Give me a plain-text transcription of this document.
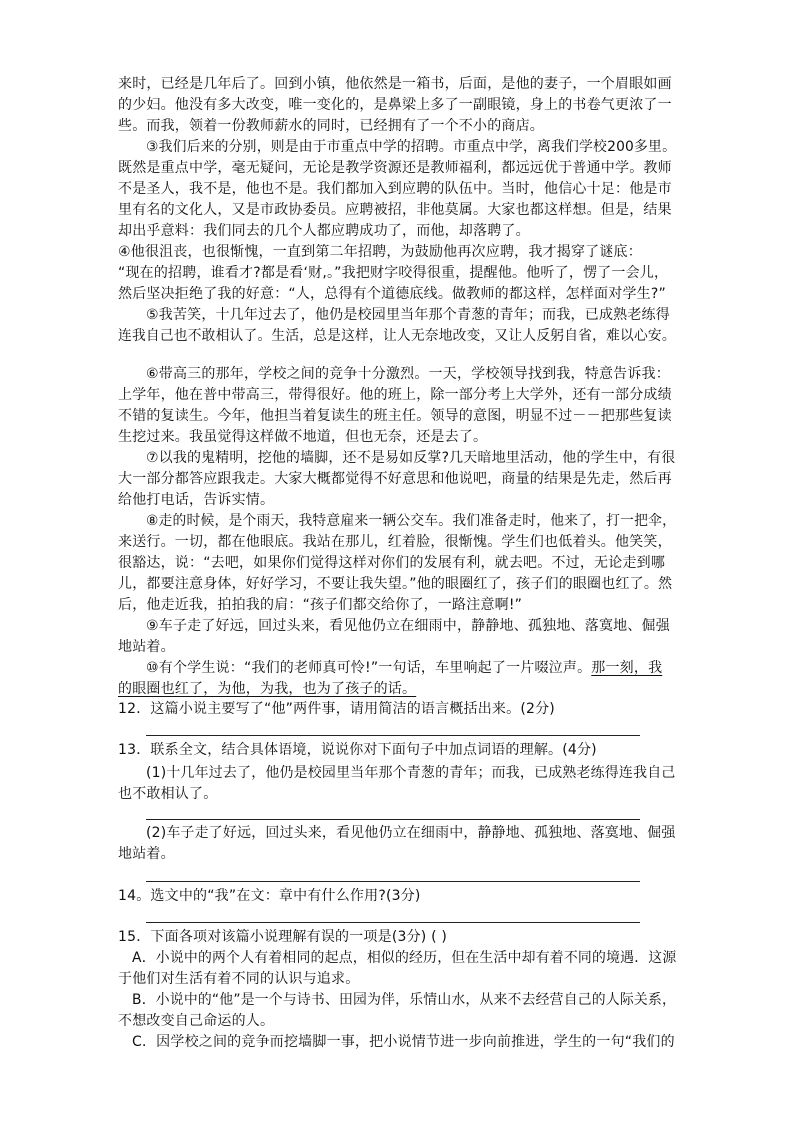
来时，已经是几年后了。回到小镇，他依然是一箱书，后面，是他的妻子，一个眉眼如画
的少妇。他没有多大改变，唯一变化的，是鼻梁上多了一副眼镜，身上的书卷气更浓了一
些。而我，领着一份教师薪水的同时，已经拥有了一个不小的商店。
③我们后来的分别，则是由于市重点中学的招聘。市重点中学，离我们学校200多里。
既然是重点中学，毫无疑问，无论是教学资源还是教师福利，都远远优于普通中学。教师
不是圣人，我不是，他也不是。我们都加入到应聘的队伍中。当时，他信心十足：他是市
里有名的文化人，又是市政协委员。应聘被招，非他莫属。大家也都这样想。但是，结果
却出乎意料：我们同去的几个人都应聘成功了，而他，却落聘了。
④他很沮丧，也很惭愧，一直到第二年招聘，为鼓励他再次应聘，我才揭穿了谜底：
“现在的招聘，谁看才?都是看‘财,。”我把财字咬得很重，提醒他。他听了，愣了一会儿，
然后坚决拒绝了我的好意：“人，总得有个道德底线。做教师的都这样，怎样面对学生?”
⑤我苦笑，十几年过去了，他仍是校园里当年那个青葱的青年；而我，已成熟老练得
连我自己也不敢相认了。生活，总是这样，让人无奈地改变，又让人反躬自省，难以心安。
⑥带高三的那年，学校之间的竞争十分激烈。一天，学校领导找到我，特意告诉我：
上学年，他在普中带高三，带得很好。他的班上，除一部分考上大学外，还有一部分成绩
不错的复读生。今年，他担当着复读生的班主任。领导的意图，明显不过－－把那些复读
生挖过来。我虽觉得这样做不地道，但也无奈，还是去了。
⑦以我的鬼精明，挖他的墙脚，还不是易如反掌?几天暗地里活动，他的学生中，有很
大一部分都答应跟我走。大家大概都觉得不好意思和他说吧，商量的结果是先走，然后再
给他打电话，告诉实情。
⑧走的时候，是个雨天，我特意雇来一辆公交车。我们准备走时，他来了，打一把伞，
来送行。一切，都在他眼底。我站在那儿，红着脸，很惭愧。学生们也低着头。他笑笑，
很豁达，说：“去吧，如果你们觉得这样对你们的发展有利，就去吧。不过，无论走到哪
儿，都要注意身体，好好学习，不要让我失望。”他的眼圈红了，孩子们的眼圈也红了。然
后，他走近我，拍拍我的肩：“孩子们都交给你了，一路注意啊!”
⑨车子走了好远，回过头来，看见他仍立在细雨中，静静地、孤独地、落寞地、倔强
地站着。
⑩有个学生说：“我们的老师真可怜!”一句话，车里响起了一片啜泣声。那一刻，我
的眼圈也红了，为他，为我，也为了孩子的话。
12．这篇小说主要写了“他”两件事，请用简洁的语言概括出来。(2分)
13．联系全文，结合具体语境，说说你对下面句子中加点词语的理解。(4分)
(1)十几年过去了，他仍是校园里当年那个青葱的青年；而我，已成熟老练得连我自己
也不敢相认了。
(2)车子走了好远，回过头来，看见他仍立在细雨中，静静地、孤独地、落寞地、倔强
地站着。
14。选文中的“我”在文：章中有什么作用?(3分)
15．下面各项对该篇小说理解有误的一项是(3分) ( )
A．小说中的两个人有着相同的起点，相似的经历，但在生活中却有着不同的境遇．这源
于他们对生活有着不同的认识与追求。
B．小说中的“他”是一个与诗书、田园为伴，乐情山水，从来不去经营自己的人际关系，
不想改变自己命运的人。
C．因学校之间的竞争而挖墙脚一事，把小说情节进一步向前推进，学生的一句“我们的
